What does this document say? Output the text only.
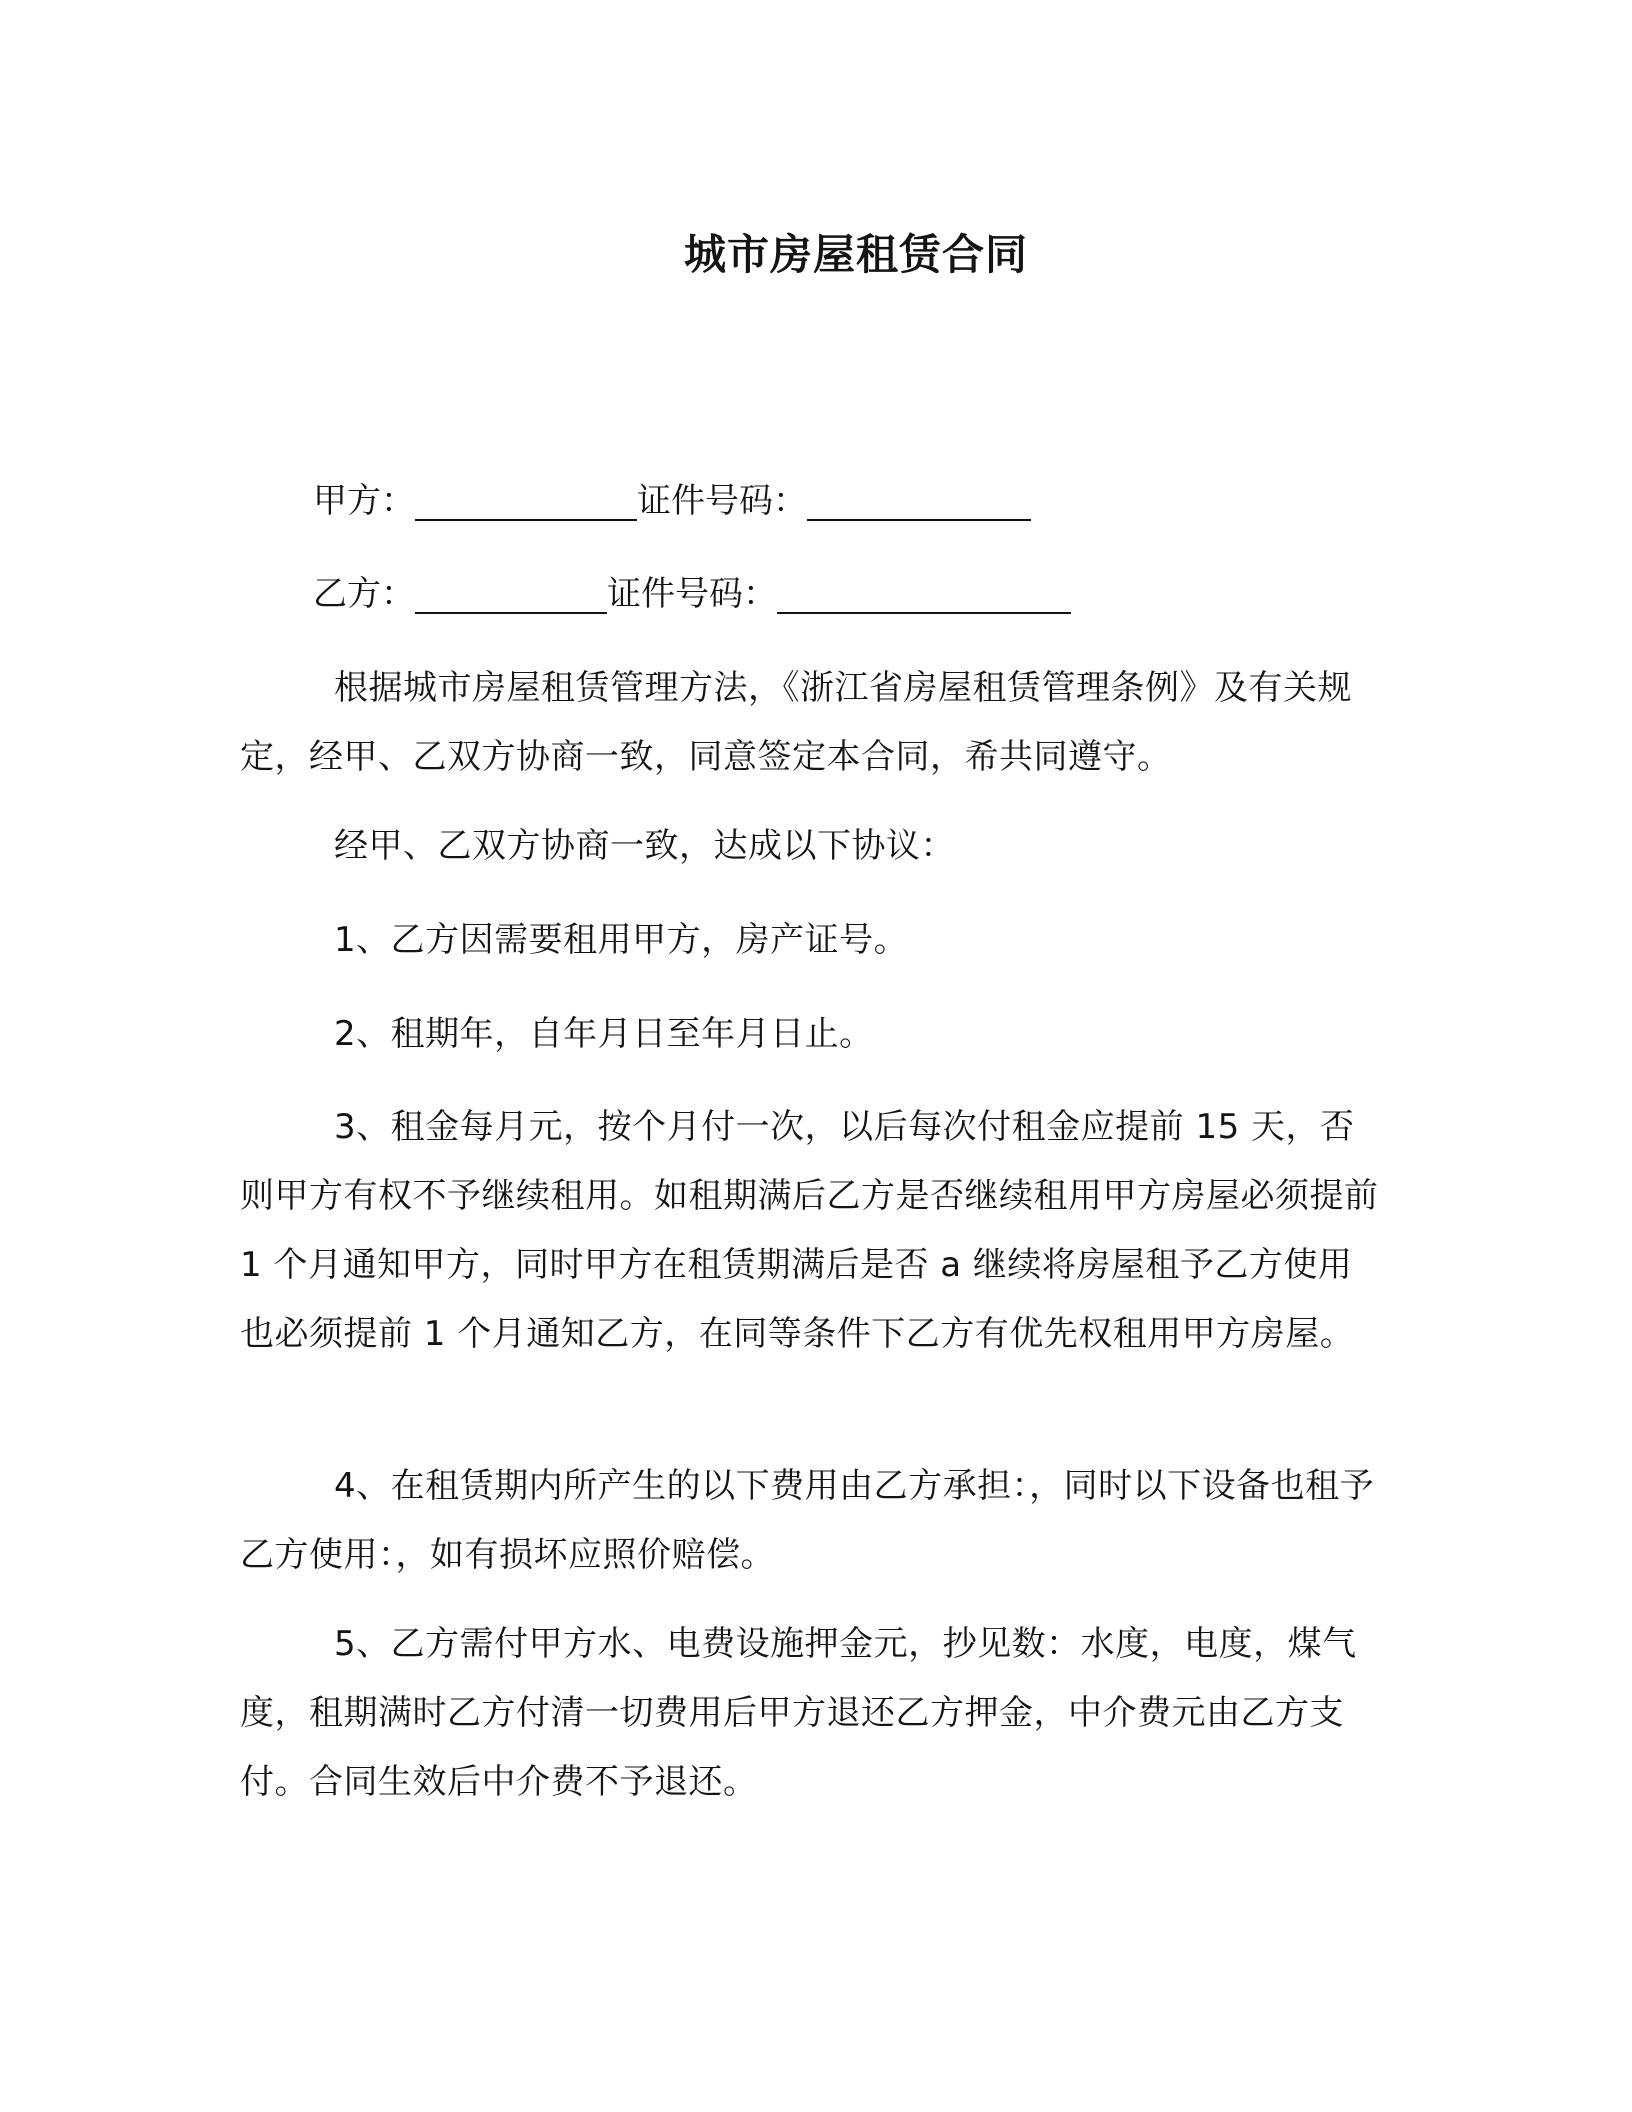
城市房屋租赁合同
甲方：	证件号码：
乙方：	证件号码：
根据城市房屋租赁管理方法，《浙江省房屋租赁管理条例》及有关规定，经甲、乙双方协商一致，同意签定本合同，希共同遵守。
经甲、乙双方协商一致，达成以下协议：
1、乙方因需要租用甲方，房产证号。
2、租期年，自年月日至年月日止。
3、租金每月元，按个月付一次，以后每次付租金应提前 15 天，否则甲方有权不予继续租用。如租期满后乙方是否继续租用甲方房屋必须提前 1 个月通知甲方，同时甲方在租赁期满后是否 a 继续将房屋租予乙方使用也必须提前 1 个月通知乙方，在同等条件下乙方有优先权租用甲方房屋。
4、在租赁期内所产生的以下费用由乙方承担：，同时以下设备也租予乙方使用：，如有损坏应照价赔偿。
5、乙方需付甲方水、电费设施押金元，抄见数：水度，电度，煤气度，租期满时乙方付清一切费用后甲方退还乙方押金，中介费元由乙方支付。合同生效后中介费不予退还。
